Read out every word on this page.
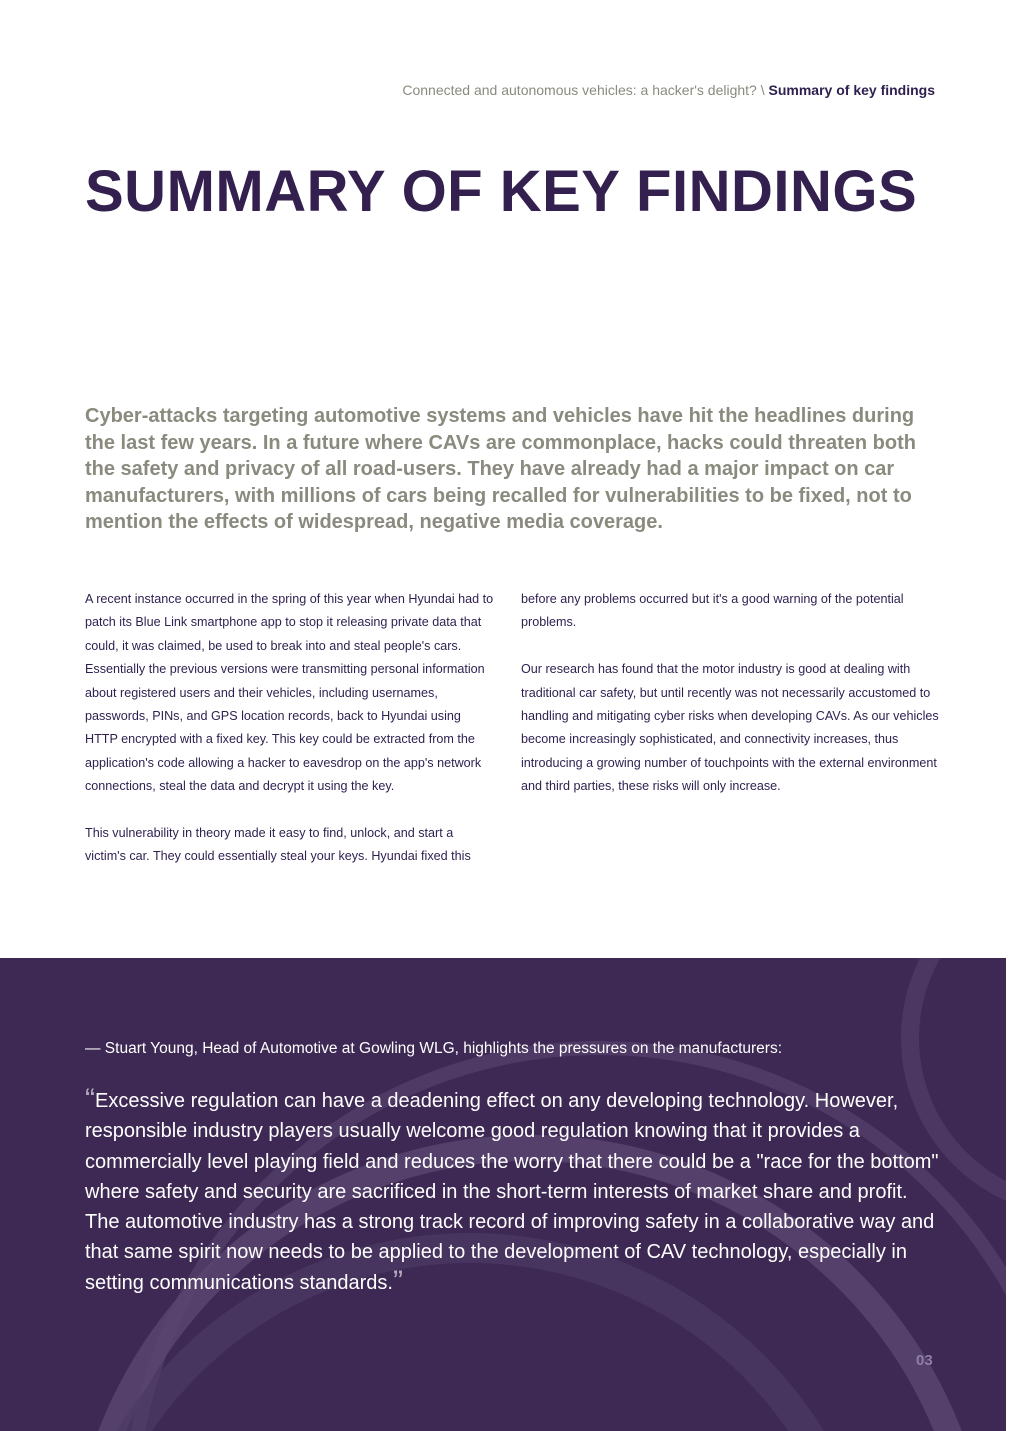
Connected and autonomous vehicles: a hacker's delight? \ Summary of key findings
SUMMARY OF KEY FINDINGS

Cyber-attacks targeting automotive systems and vehicles have hit the headlines during the last few years. In a future where CAVs are commonplace, hacks could threaten both the safety and privacy of all road-users. They have already had a major impact on car manufacturers, with millions of cars being recalled for vulnerabilities to be fixed, not to mention the effects of widespread, negative media coverage.

A recent instance occurred in the spring of this year when Hyundai had to patch its Blue Link smartphone app to stop it releasing private data that could, it was claimed, be used to break into and steal people's cars. Essentially the previous versions were transmitting personal information about registered users and their vehicles, including usernames, passwords, PINs, and GPS location records, back to Hyundai using HTTP encrypted with a fixed key. This key could be extracted from the application's code allowing a hacker to eavesdrop on the app's network connections, steal the data and decrypt it using the key.

This vulnerability in theory made it easy to find, unlock, and start a victim's car. They could essentially steal your keys. Hyundai fixed this

before any problems occurred but it's a good warning of the potential problems.

Our research has found that the motor industry is good at dealing with traditional car safety, but until recently was not necessarily accustomed to handling and mitigating cyber risks when developing CAVs. As our vehicles become increasingly sophisticated, and connectivity increases, thus introducing a growing number of touchpoints with the external environment and third parties, these risks will only increase.

— Stuart Young, Head of Automotive at Gowling WLG, highlights the pressures on the manufacturers:

“Excessive regulation can have a deadening effect on any developing technology. However, responsible industry players usually welcome good regulation knowing that it provides a commercially level playing field and reduces the worry that there could be a "race for the bottom" where safety and security are sacrificed in the short-term interests of market share and profit. The automotive industry has a strong track record of improving safety in a collaborative way and that same spirit now needs to be applied to the development of CAV technology, especially in setting communications standards.”

03
